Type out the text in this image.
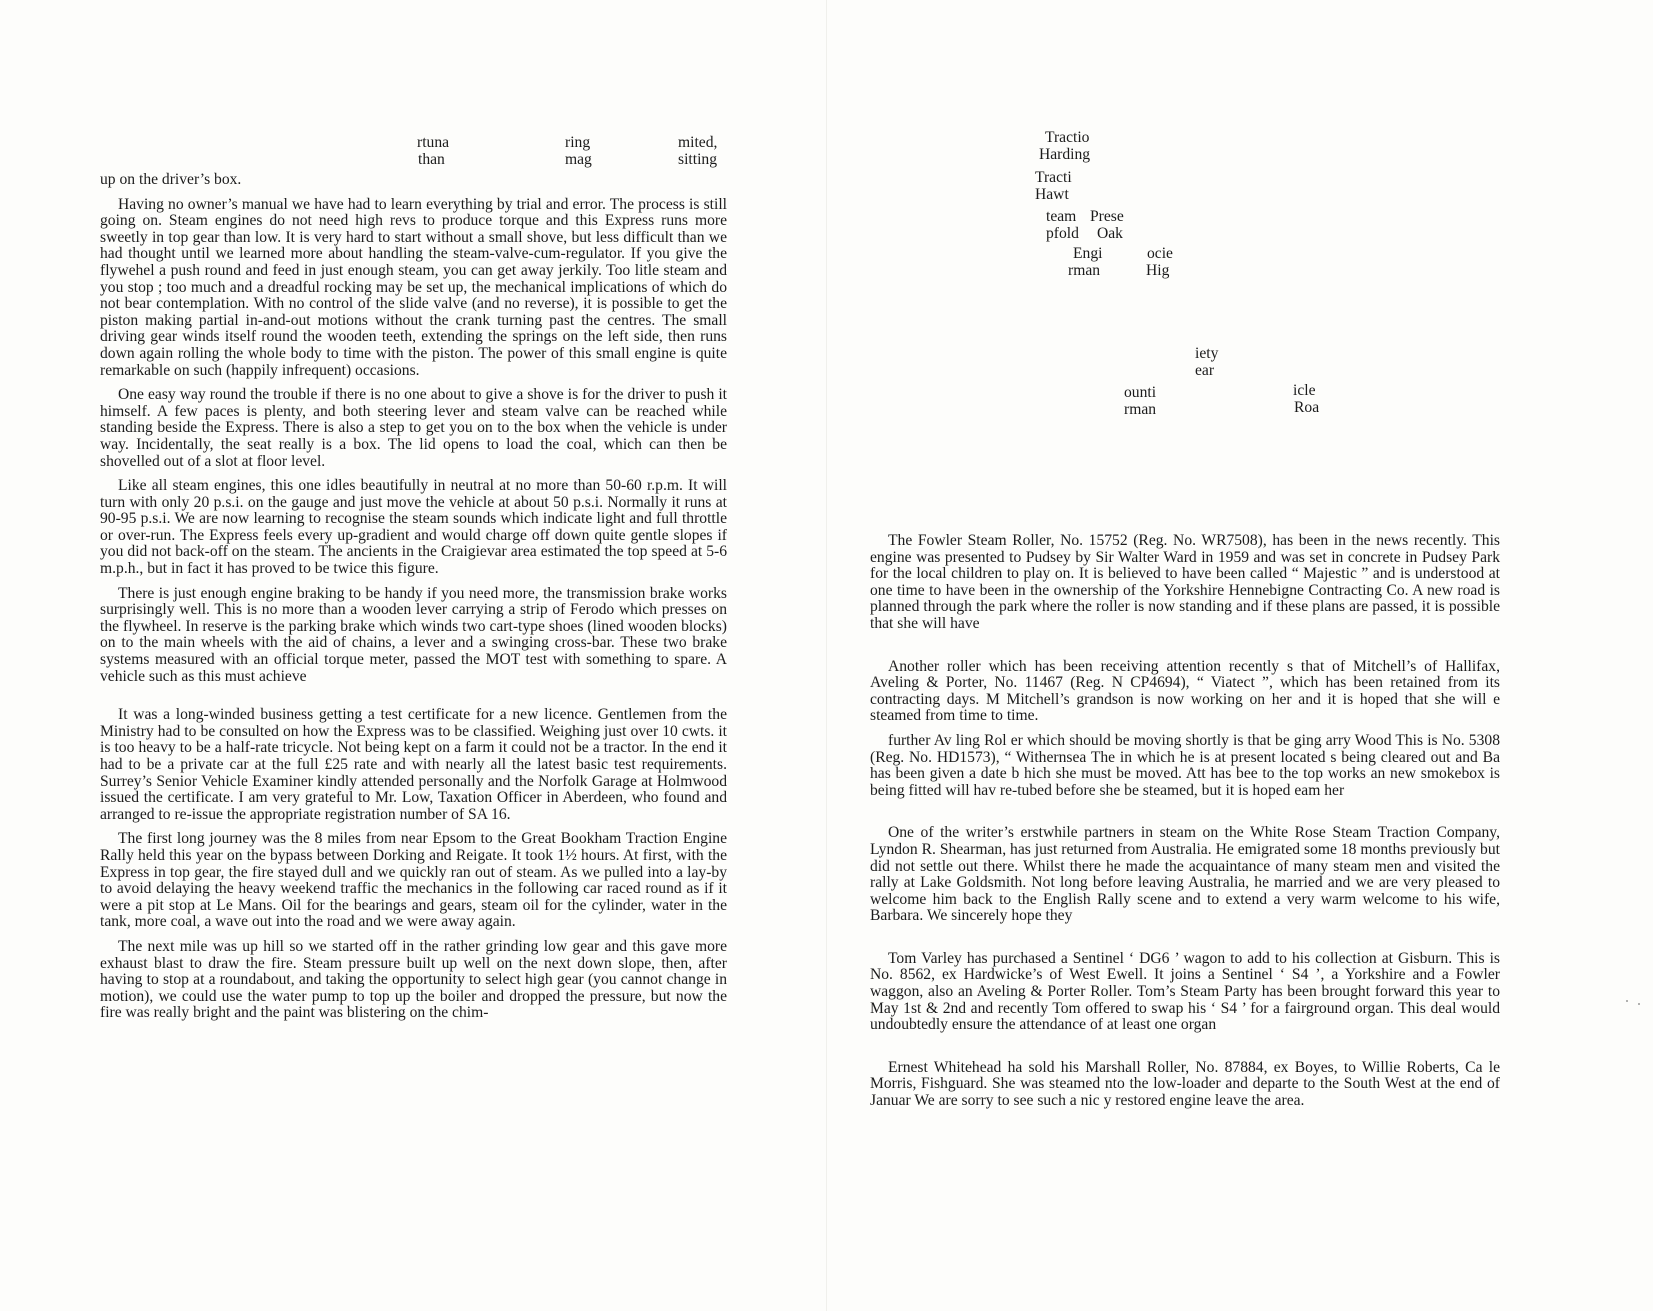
rtuna	ring	mited,
than	mag	sitting

up on the driver’s box.

Having no owner’s manual we have had to learn everything by trial and error. The process is still going on. Steam engines do not need high revs to produce torque and this Express runs more sweetly in top gear than low. It is very hard to start without a small shove, but less difficult than we had thought until we learned more about handling the steam-valve-cum-regulator. If you give the flywehel a push round and feed in just enough steam, you can get away jerkily. Too litle steam and you stop ; too much and a dreadful rocking may be set up, the mechanical implications of which do not bear contemplation. With no control of the slide valve (and no reverse), it is possible to get the piston making partial in-and-out motions without the crank turning past the centres. The small driving gear winds itself round the wooden teeth, extending the springs on the left side, then runs down again rolling the whole body to time with the piston. The power of this small engine is quite remarkable on such (happily infrequent) occasions.

One easy way round the trouble if there is no one about to give a shove is for the driver to push it himself. A few paces is plenty, and both steering lever and steam valve can be reached while standing beside the Express. There is also a step to get you on to the box when the vehicle is under way. Incidentally, the seat really is a box. The lid opens to load the coal, which can then be shovelled out of a slot at floor level.

Like all steam engines, this one idles beautifully in neutral at no more than 50-60 r.p.m. It will turn with only 20 p.s.i. on the gauge and just move the vehicle at about 50 p.s.i. Normally it runs at 90-95 p.s.i. We are now learning to recognise the steam sounds which indicate light and full throttle or over-run. The Express feels every up-gradient and would charge off down quite gentle slopes if you did not back-off on the steam. The ancients in the Craigievar area estimated the top speed at 5-6 m.p.h., but in fact it has proved to be twice this figure.

There is just enough engine braking to be handy if you need more, the transmission brake works surprisingly well. This is no more than a wooden lever carrying a strip of Ferodo which presses on the flywheel. In reserve is the parking brake which winds two cart-type shoes (lined wooden blocks) on to the main wheels with the aid of chains, a lever and a swinging cross-bar. These two brake systems measured with an official torque meter, passed the MOT test with something to spare. A vehicle such as this must achieve

It was a long-winded business getting a test certificate for a new licence. Gentlemen from the Ministry had to be consulted on how the Express was to be classified. Weighing just over 10 cwts. it is too heavy to be a half-rate tricycle. Not being kept on a farm it could not be a tractor. In the end it had to be a private car at the full £25 rate and with nearly all the latest basic test requirements. Surrey’s Senior Vehicle Examiner kindly attended personally and the Norfolk Garage at Holmwood issued the certificate. I am very grateful to Mr. Low, Taxation Officer in Aberdeen, who found and arranged to re-issue the appropriate registration number of SA 16.

The first long journey was the 8 miles from near Epsom to the Great Bookham Traction Engine Rally held this year on the bypass between Dorking and Reigate. It took 1½ hours. At first, with the Express in top gear, the fire stayed dull and we quickly ran out of steam. As we pulled into a lay-by to avoid delaying the heavy weekend traffic the mechanics in the following car raced round as if it were a pit stop at Le Mans. Oil for the bearings and gears, steam oil for the cylinder, water in the tank, more coal, a wave out into the road and we were away again.

The next mile was up hill so we started off in the rather grinding low gear and this gave more exhaust blast to draw the fire. Steam pressure built up well on the next down slope, then, after having to stop at a roundabout, and taking the opportunity to select high gear (you cannot change in motion), we could use the water pump to top up the boiler and dropped the pressure, but now the fire was really bright and the paint was blistering on the chim-

Tractio
Harding
Tracti
Hawt
team Prese
pfold Oak
Engi	ocie
rman	Hig
iety
ear
ounti	icle
rman	Roa

The Fowler Steam Roller, No. 15752 (Reg. No. WR7508), has been in the news recently. This engine was presented to Pudsey by Sir Walter Ward in 1959 and was set in concrete in Pudsey Park for the local children to play on. It is believed to have been called “ Majestic ” and is understood at one time to have been in the ownership of the Yorkshire Hennebigne Contracting Co. A new road is planned through the park where the roller is now standing and if these plans are passed, it is possible that she will have

Another roller which has been receiving attention recently s that of Mitchell’s of Hallifax, Aveling & Porter, No. 11467 (Reg. N CP4694), “ Viatect ”, which has been retained from its contracting days. M Mitchell’s grandson is now working on her and it is hoped that she will e steamed from time to time.

further Av ling Rol er which should be moving shortly is that be ging arry Wood This is No. 5308 (Reg. No. HD1573), “ Withernsea The in which he is at present located s being cleared out and Ba has been given a date b hich she must be moved. Att has bee to the top works an new smokebox is being fitted will hav re-tubed before she be steamed, but it is hoped eam her

One of the writer’s erstwhile partners in steam on the White Rose Steam Traction Company, Lyndon R. Shearman, has just returned from Australia. He emigrated some 18 months previously but did not settle out there. Whilst there he made the acquaintance of many steam men and visited the rally at Lake Goldsmith. Not long before leaving Australia, he married and we are very pleased to welcome him back to the English Rally scene and to extend a very warm welcome to his wife, Barbara. We sincerely hope they

Tom Varley has purchased a Sentinel ‘ DG6 ’ wagon to add to his collection at Gisburn. This is No. 8562, ex Hardwicke’s of West Ewell. It joins a Sentinel ‘ S4 ’, a Yorkshire and a Fowler waggon, also an Aveling & Porter Roller. Tom’s Steam Party has been brought forward this year to May 1st & 2nd and recently Tom offered to swap his ‘ S4 ’ for a fairground organ. This deal would undoubtedly ensure the attendance of at least one organ

Ernest Whitehead ha sold his Marshall Roller, No. 87884, ex Boyes, to Willie Roberts, Ca le Morris, Fishguard. She was steamed nto the low-loader and departe to the South West at the end of Januar We are sorry to see such a nic y restored engine leave the area.
